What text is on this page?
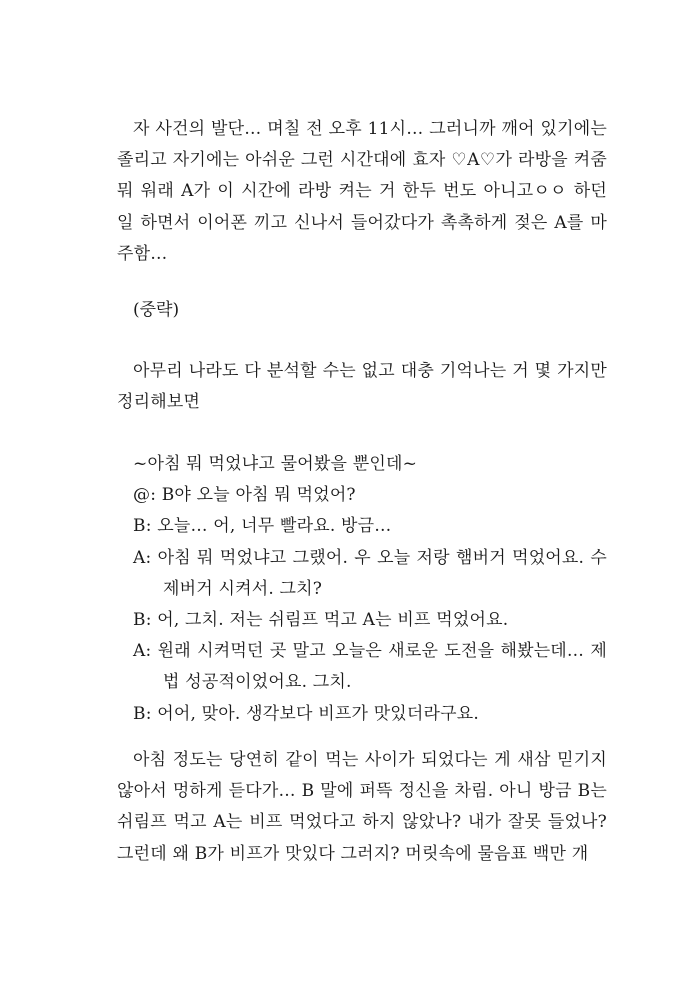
자 사건의 발단… 며칠 전 오후 11시… 그러니까 깨어 있기에는 졸리고 자기에는 아쉬운 그런 시간대에 효자 ♡A♡가 라방을 켜줌 뭐 워래 A가 이 시간에 라방 켜는 거 한두 번도 아니고ㅇㅇ 하던 일 하면서 이어폰 끼고 신나서 들어갔다가 촉촉하게 젖은 A를 마주함…

(중략)

아무리 나라도 다 분석할 수는 없고 대충 기억나는 거 몇 가지만 정리해보면

~아침 뭐 먹었냐고 물어봤을 뿐인데~
@: B야 오늘 아침 뭐 먹었어?
B: 오늘… 어, 너무 빨라요. 방금…
A: 아침 뭐 먹었냐고 그랬어. 우 오늘 저랑 햄버거 먹었어요. 수제버거 시켜서. 그치?
B: 어, 그치. 저는 쉬림프 먹고 A는 비프 먹었어요.
A: 원래 시켜먹던 곳 말고 오늘은 새로운 도전을 해봤는데… 제법 성공적이었어요. 그치.
B: 어어, 맞아. 생각보다 비프가 맛있더라구요.

아침 정도는 당연히 같이 먹는 사이가 되었다는 게 새삼 믿기지 않아서 멍하게 듣다가… B 말에 퍼뜩 정신을 차림. 아니 방금 B는 쉬림프 먹고 A는 비프 먹었다고 하지 않았나? 내가 잘못 들었나? 그런데 왜 B가 비프가 맛있다 그러지? 머릿속에 물음표 백만 개
